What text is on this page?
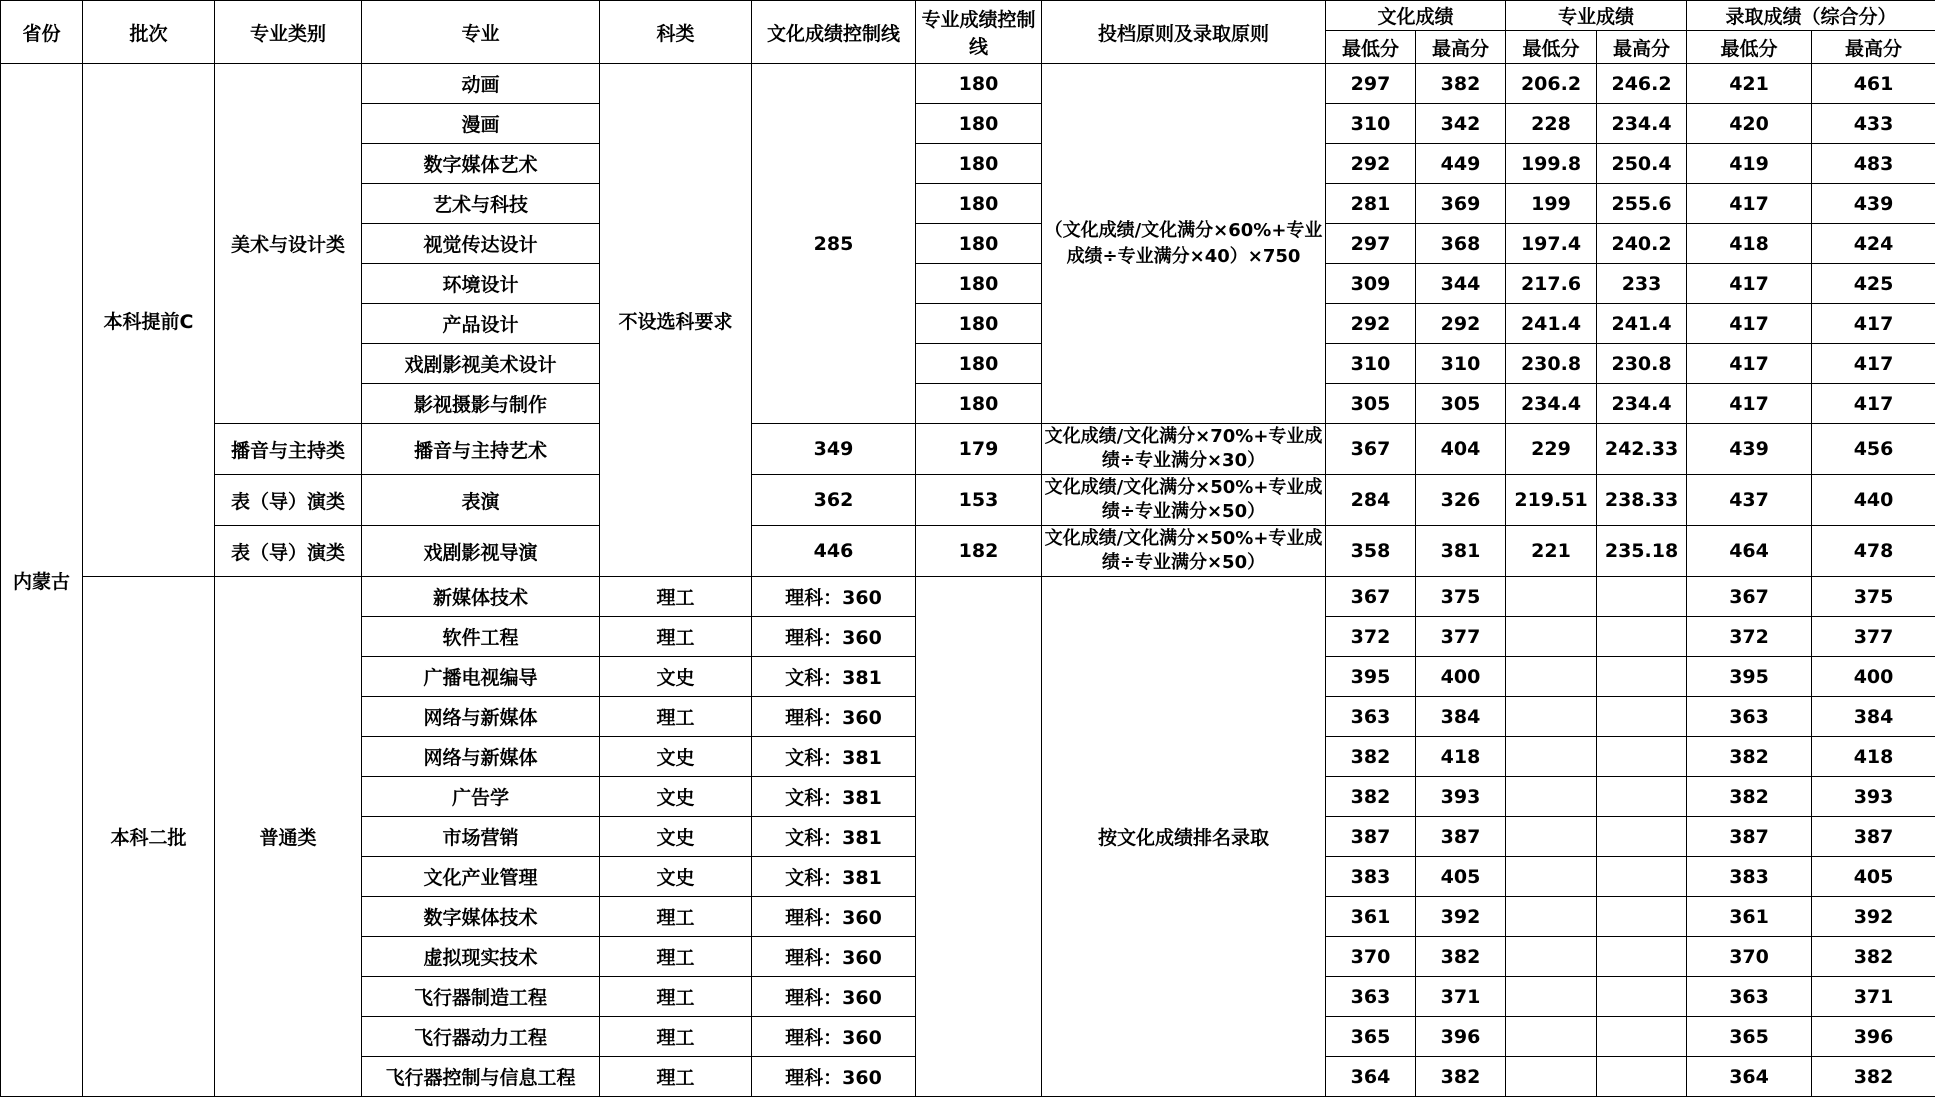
省份	批次	专业类别	专业	科类	文化成绩控制线	专业成绩控制线	投档原则及录取原则	文化成绩		专业成绩		录取成绩（综合分）	
								最低分	最高分	最低分	最高分	最低分	最高分
内蒙古	本科提前C	美术与设计类	动画	不设选科要求	285	180	（文化成绩/文化满分×60%+专业成绩÷专业满分×40）×750	297	382	206.2	246.2	421	461
			漫画			180		310	342	228	234.4	420	433
			数字媒体艺术			180		292	449	199.8	250.4	419	483
			艺术与科技			180		281	369	199	255.6	417	439
			视觉传达设计			180		297	368	197.4	240.2	418	424
			环境设计			180		309	344	217.6	233	417	425
			产品设计			180		292	292	241.4	241.4	417	417
			戏剧影视美术设计			180		310	310	230.8	230.8	417	417
			影视摄影与制作			180		305	305	234.4	234.4	417	417
		播音与主持类	播音与主持艺术		349	179	文化成绩/文化满分×70%+专业成绩÷专业满分×30）	367	404	229	242.33	439	456
		表（导）演类	表演		362	153	文化成绩/文化满分×50%+专业成绩÷专业满分×50）	284	326	219.51	238.33	437	440
		表（导）演类	戏剧影视导演		446	182	文化成绩/文化满分×50%+专业成绩÷专业满分×50）	358	381	221	235.18	464	478
	本科二批	普通类	新媒体技术	理工	理科：360		按文化成绩排名录取	367	375			367	375
			软件工程	理工	理科：360			372	377			372	377
			广播电视编导	文史	文科：381			395	400			395	400
			网络与新媒体	理工	理科：360			363	384			363	384
			网络与新媒体	文史	文科：381			382	418			382	418
			广告学	文史	文科：381			382	393			382	393
			市场营销	文史	文科：381			387	387			387	387
			文化产业管理	文史	文科：381			383	405			383	405
			数字媒体技术	理工	理科：360			361	392			361	392
			虚拟现实技术	理工	理科：360			370	382			370	382
			飞行器制造工程	理工	理科：360			363	371			363	371
			飞行器动力工程	理工	理科：360			365	396			365	396
			飞行器控制与信息工程	理工	理科：360			364	382			364	382
